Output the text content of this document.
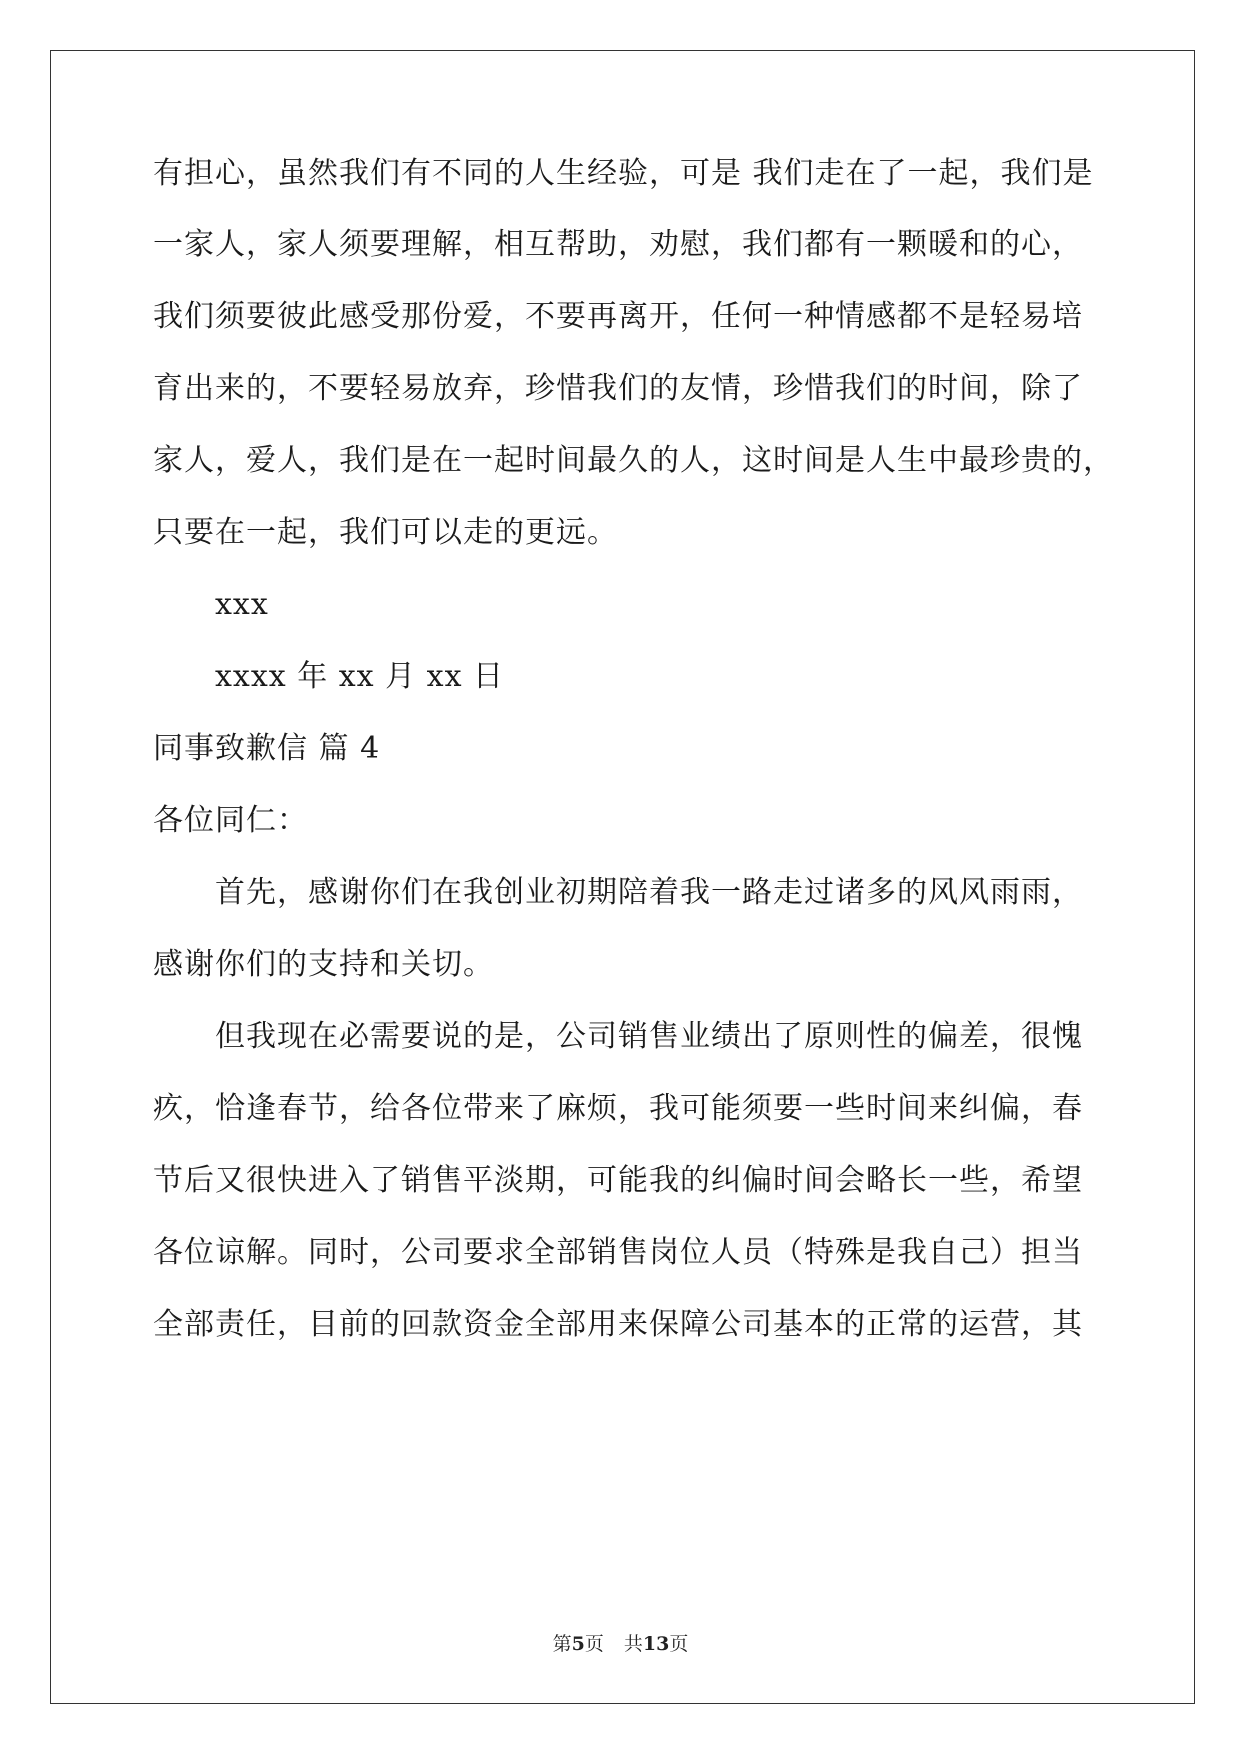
有担心，虽然我们有不同的人生经验，可是 我们走在了一起，我们是
一家人，家人须要理解，相互帮助，劝慰，我们都有一颗暖和的心，
我们须要彼此感受那份爱，不要再离开，任何一种情感都不是轻易培
育出来的，不要轻易放弃，珍惜我们的友情，珍惜我们的时间，除了
家人，爱人，我们是在一起时间最久的人，这时间是人生中最珍贵的，
只要在一起，我们可以走的更远。
xxx
xxxx 年 xx 月 xx 日
同事致歉信 篇 4
各位同仁：
首先，感谢你们在我创业初期陪着我一路走过诸多的风风雨雨，
感谢你们的支持和关切。
但我现在必需要说的是，公司销售业绩出了原则性的偏差，很愧
疚，恰逢春节，给各位带来了麻烦，我可能须要一些时间来纠偏，春
节后又很快进入了销售平淡期，可能我的纠偏时间会略长一些，希望
各位谅解。同时，公司要求全部销售岗位人员（特殊是我自己）担当
全部责任，目前的回款资金全部用来保障公司基本的正常的运营，其
第5页 共13页
